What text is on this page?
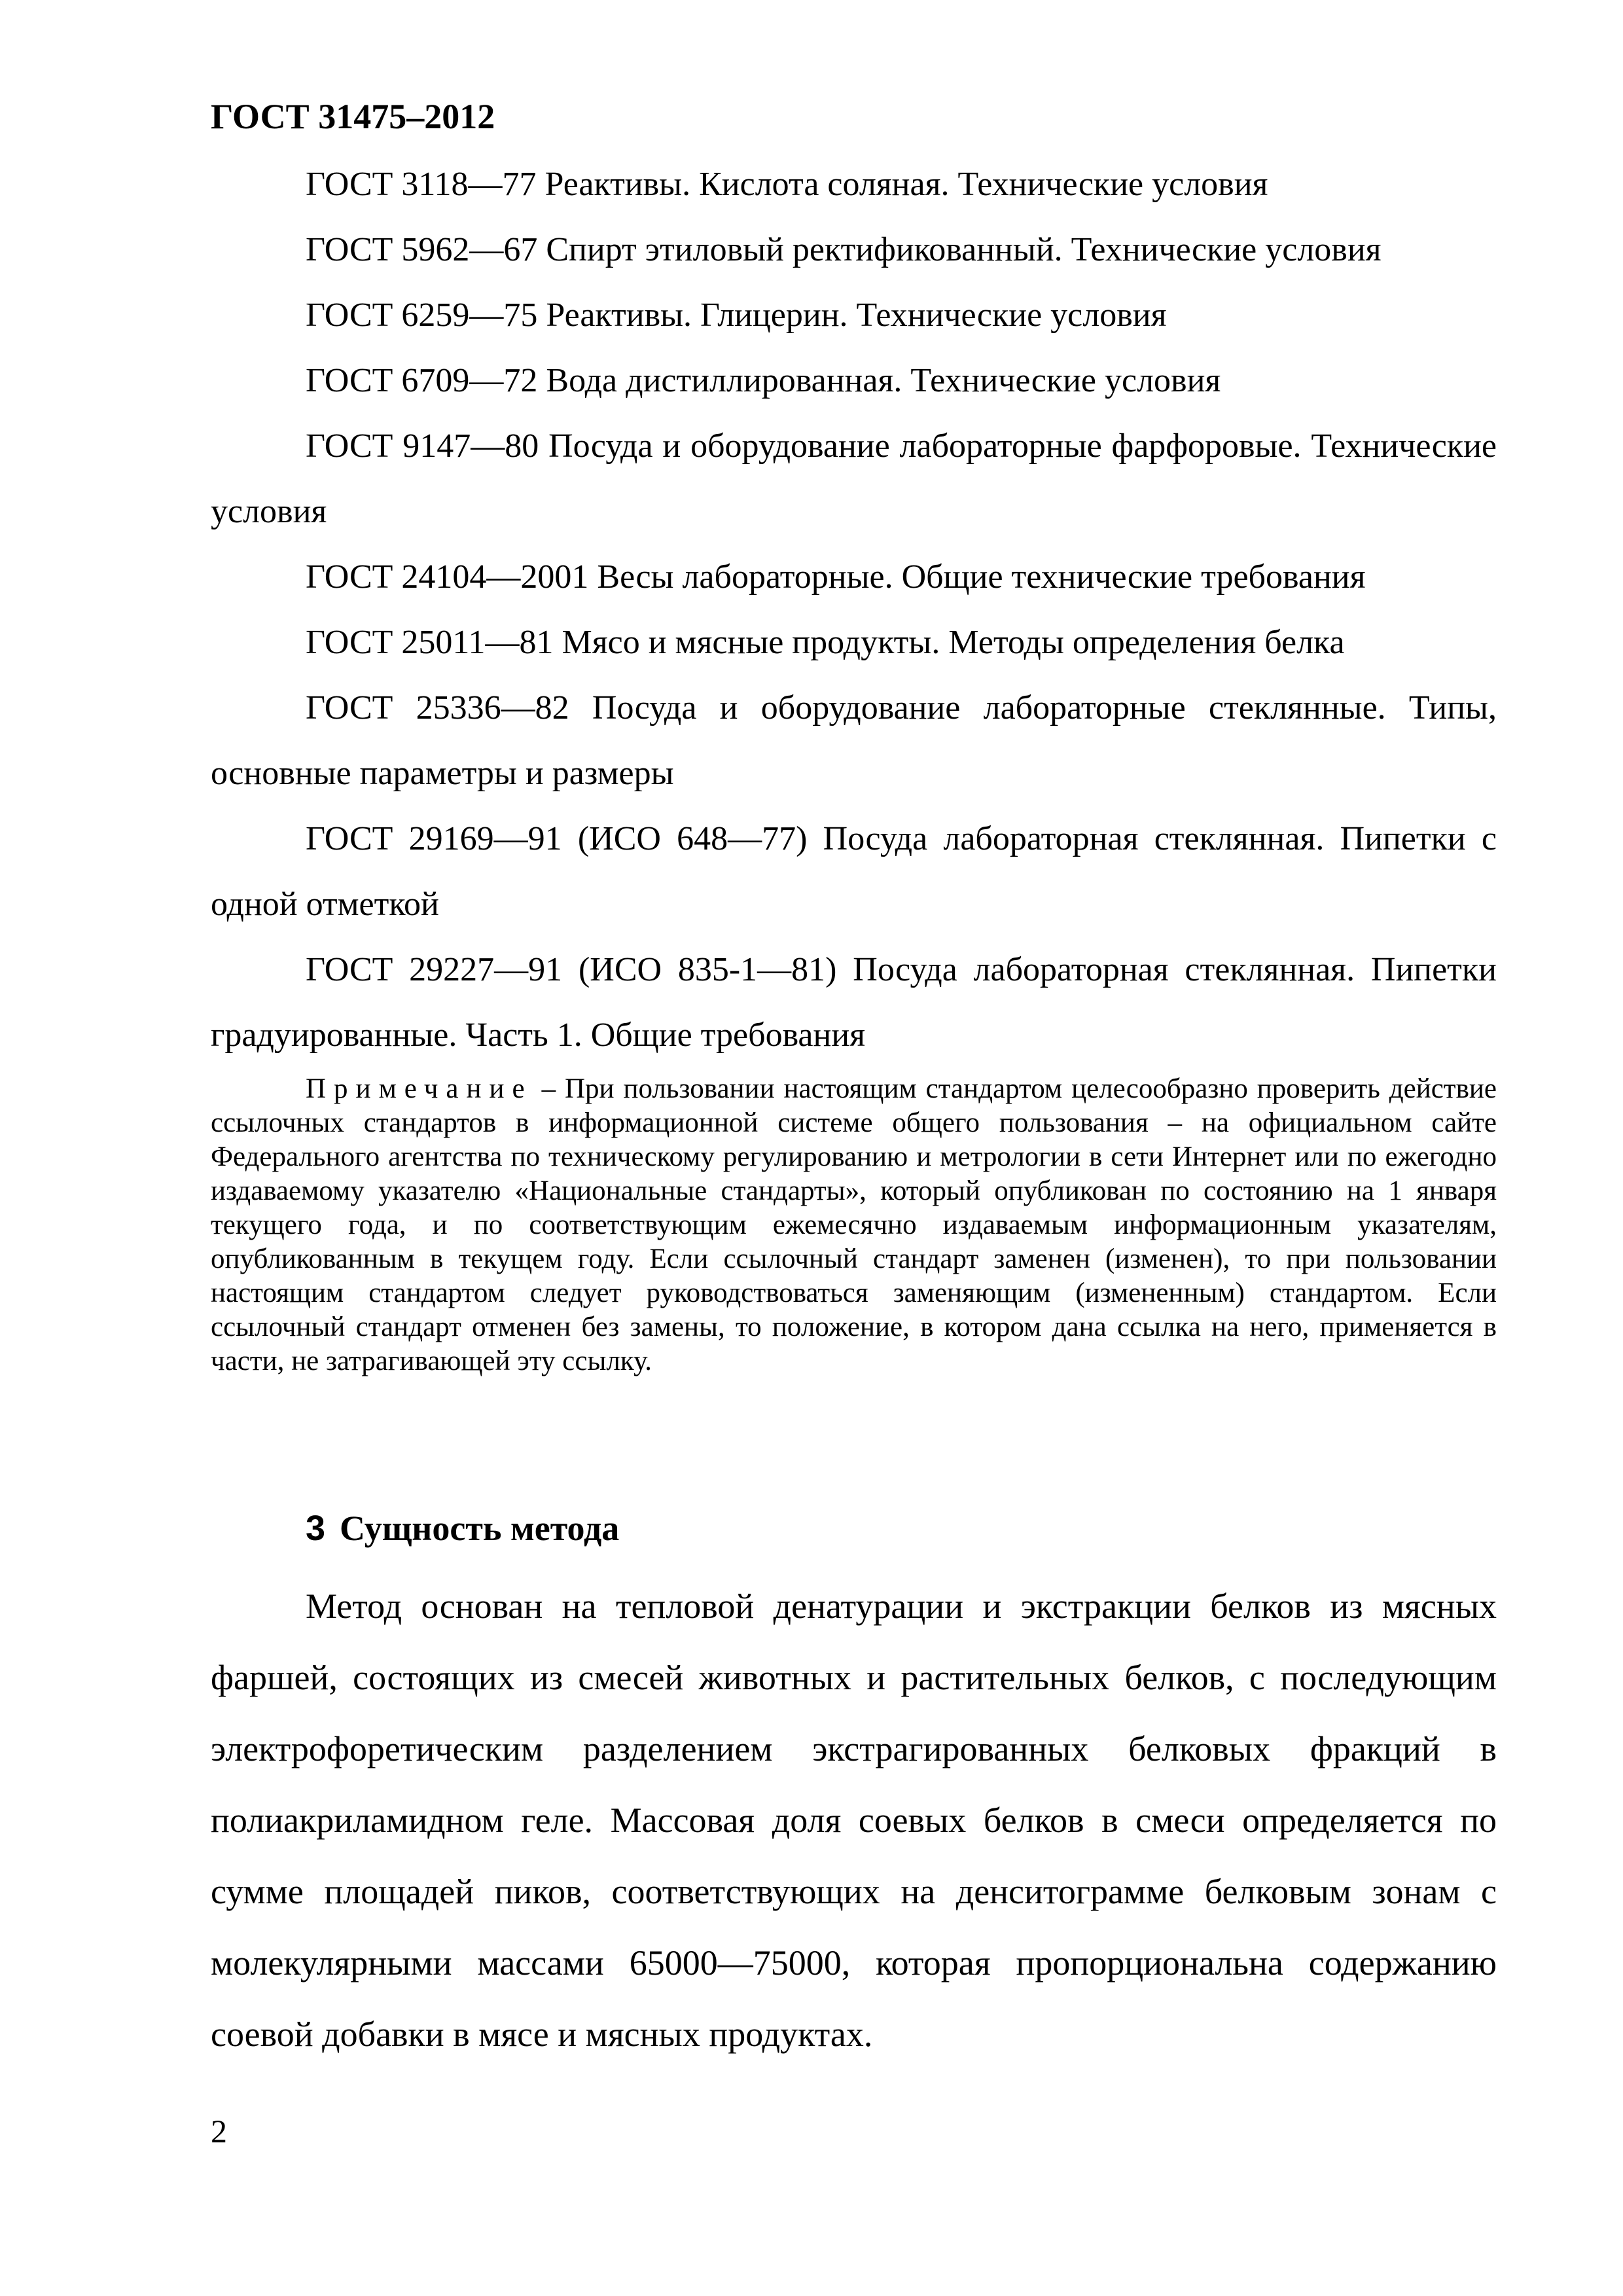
ГОСТ 31475–2012

ГОСТ 3118—77 Реактивы. Кислота соляная. Технические условия

ГОСТ 5962—67 Спирт этиловый ректификованный. Технические условия

ГОСТ 6259—75 Реактивы. Глицерин. Технические условия

ГОСТ 6709—72 Вода дистиллированная. Технические условия

ГОСТ 9147—80 Посуда и оборудование лабораторные фарфоровые. Технические условия

ГОСТ 24104—2001 Весы лабораторные. Общие технические требования

ГОСТ 25011—81 Мясо и мясные продукты. Методы определения белка

ГОСТ 25336—82 Посуда и оборудование лабораторные стеклянные. Типы, основные параметры и размеры

ГОСТ 29169—91 (ИСО 648—77) Посуда лабораторная стеклянная. Пипетки с одной отметкой

ГОСТ 29227—91 (ИСО 835-1—81) Посуда лабораторная стеклянная. Пипетки градуированные. Часть 1. Общие требования

Примечание – При пользовании настоящим стандартом целесообразно проверить действие ссылочных стандартов в информационной системе общего пользования – на официальном сайте Федерального агентства по техническому регулированию и метрологии в сети Интернет или по ежегодно издаваемому указателю «Национальные стандарты», который опубликован по состоянию на 1 января текущего года, и по соответствующим ежемесячно издаваемым информационным указателям, опубликованным в текущем году. Если ссылочный стандарт заменен (изменен), то при пользовании настоящим стандартом следует руководствоваться заменяющим (измененным) стандартом. Если ссылочный стандарт отменен без замены, то положение, в котором дана ссылка на него, применяется в части, не затрагивающей эту ссылку.

3 Сущность метода

Метод основан на тепловой денатурации и экстракции белков из мясных фаршей, состоящих из смесей животных и растительных белков, с последующим электрофоретическим разделением экстрагированных белковых фракций в полиакриламидном геле. Массовая доля соевых белков в смеси определяется по сумме площадей пиков, соответствующих на денситограмме белковым зонам с молекулярными массами 65000—75000, которая пропорциональна содержанию соевой добавки в мясе и мясных продуктах.

2
